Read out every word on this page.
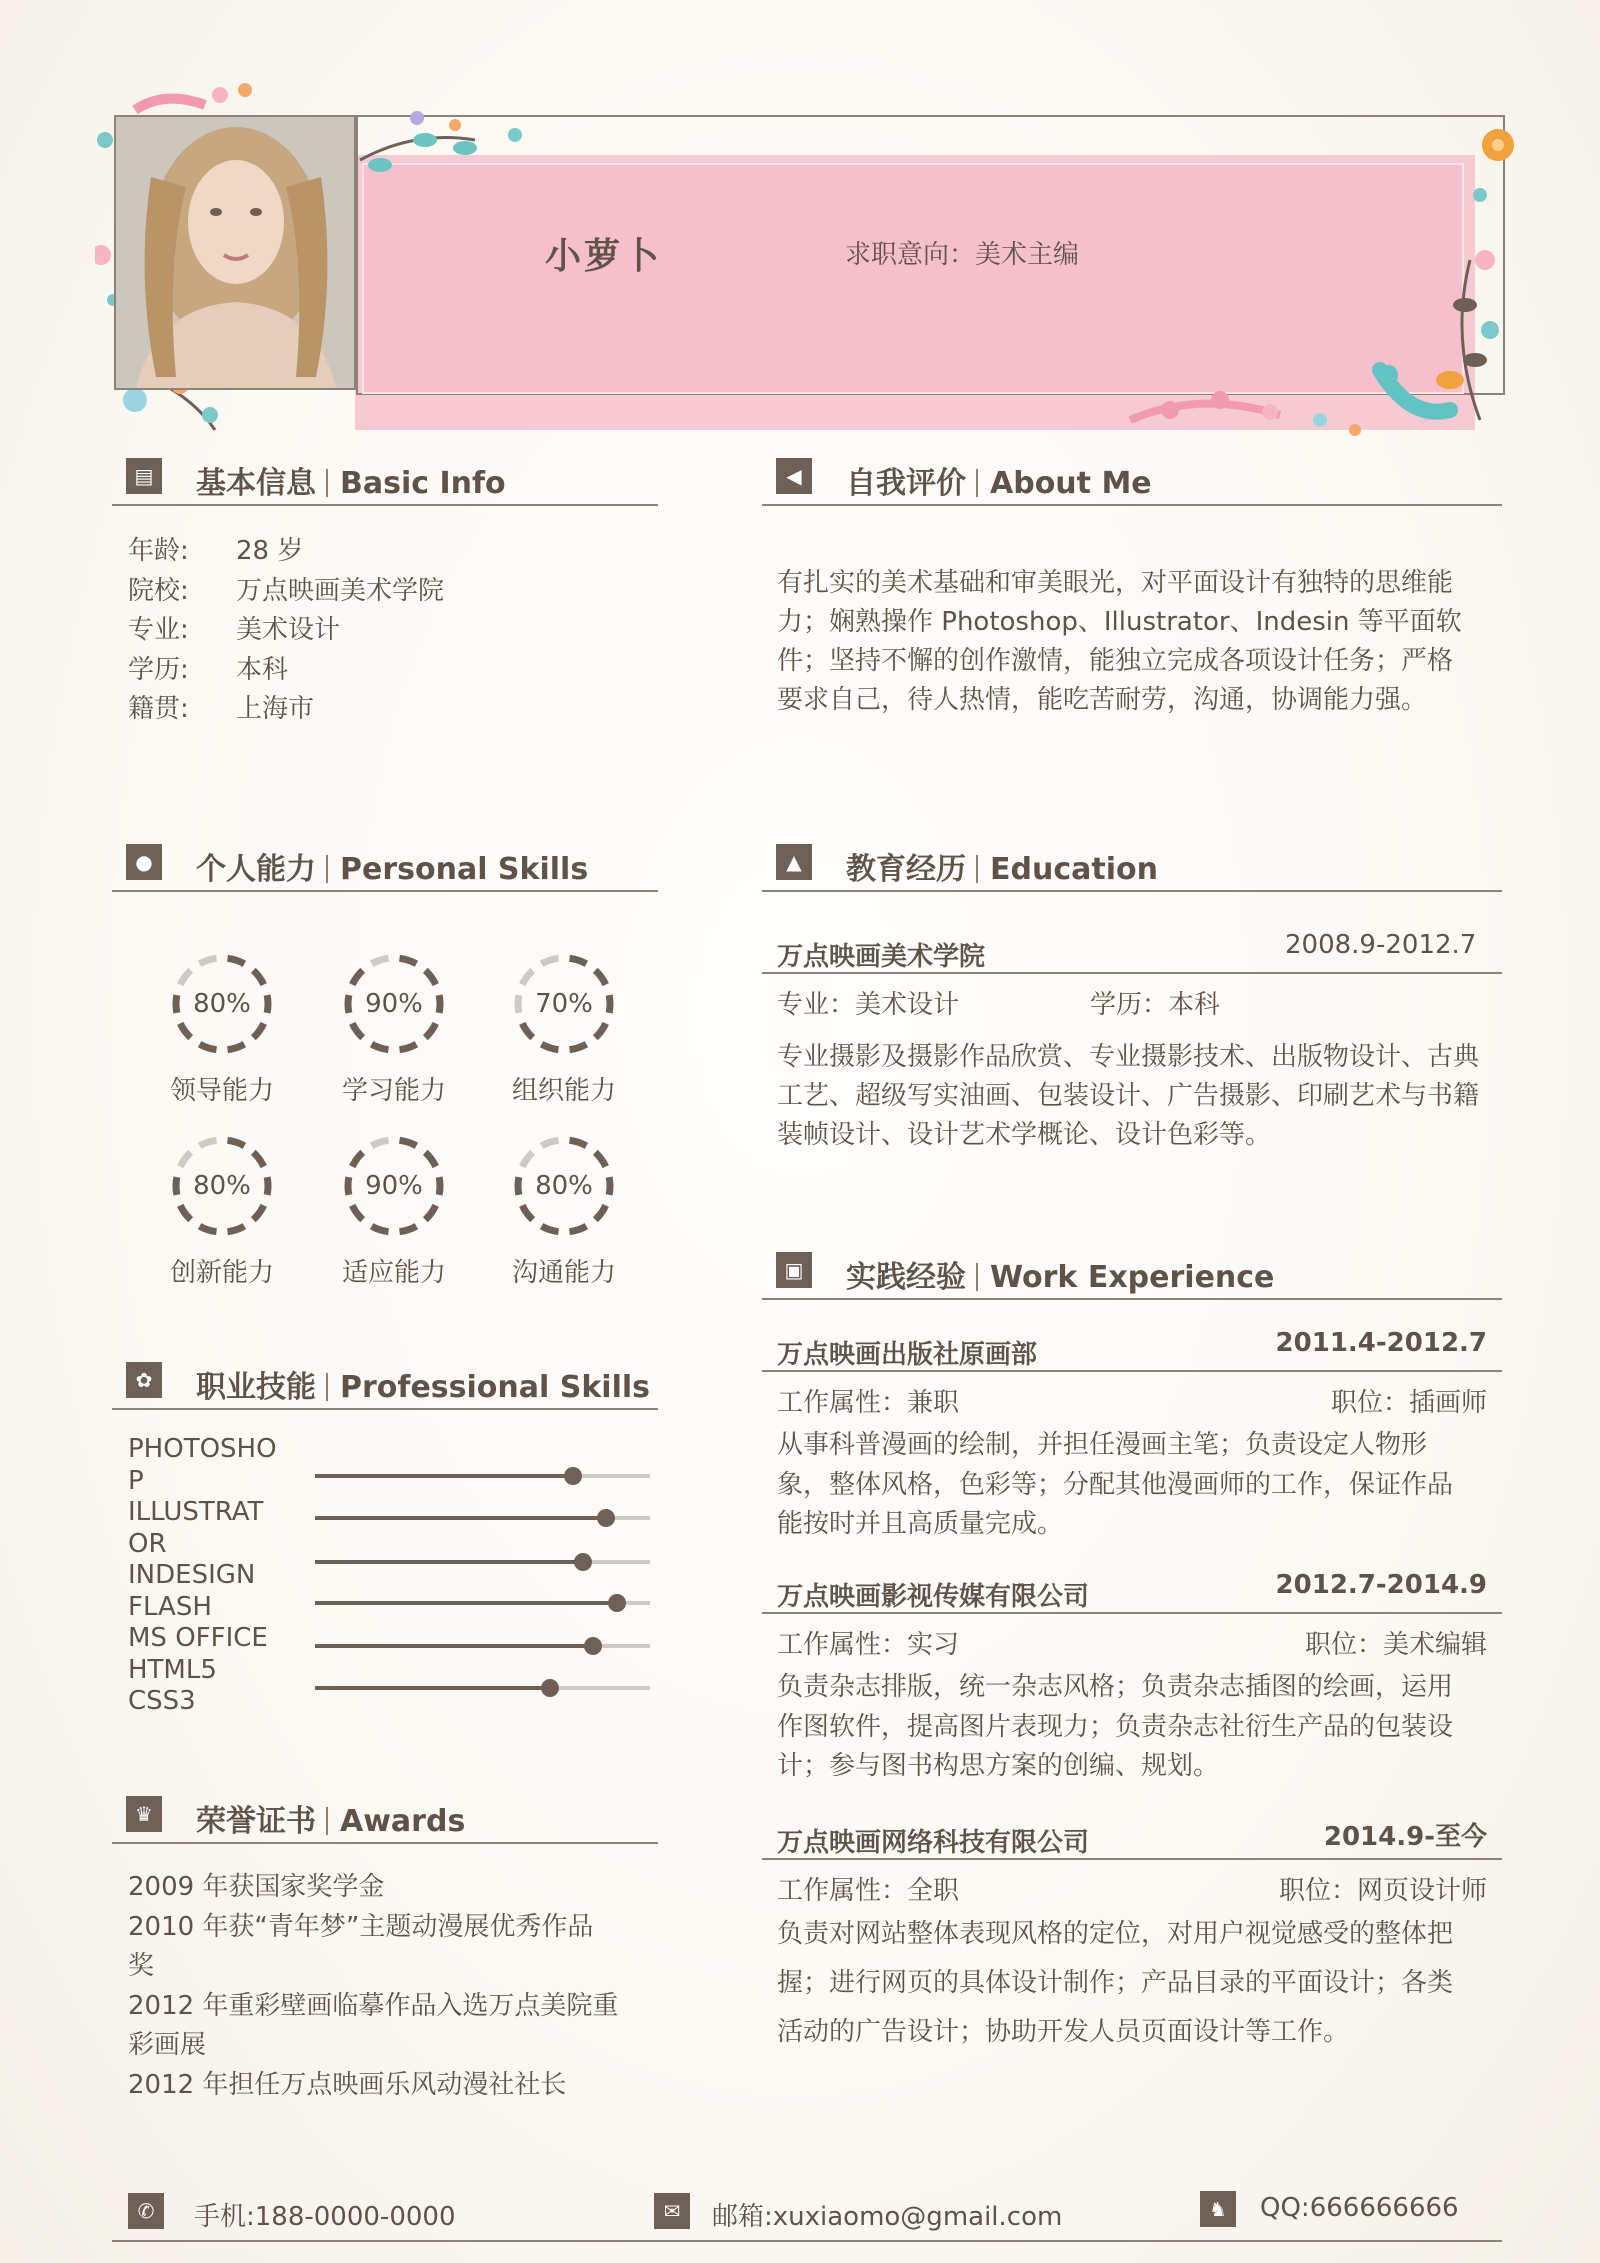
小萝卜	求职意向：美术主编
▤ 基本信息 Basic Info
年龄: 28 岁
院校: 万点映画美术学院
专业: 美术设计
学历: 本科
籍贯: 上海市
◀	自我评价 About Me
有扎实的美术基础和审美眼光，对平面设计有独特的思维能
力；娴熟操作 Photoshop、Illustrator、Indesin 等平面软
件；坚持不懈的创作激情，能独立完成各项设计任务；严格
要求自己，待人热情，能吃苦耐劳，沟通，协调能力强。
●	个人能力 Personal Skills
80%
领导能力
90%
学习能力
70%
组织能力
80%
创新能力
90%
适应能力
80%
沟通能力
✿	职业技能 Professional Skills
PHOTOSHO
P
ILLUSTRAT
OR
INDESIGN
FLASH
MS OFFICE
HTML5
CSS3
♛	荣誉证书 Awards
2009 年获国家奖学金
2010 年获“青年梦”主题动漫展优秀作品
奖
2012 年重彩壁画临摹作品入选万点美院重
彩画展
2012 年担任万点映画乐风动漫社社长
▲	教育经历 Education
万点映画美术学院	2008.9-2012.7
专业：美术设计	学历：本科
专业摄影及摄影作品欣赏、专业摄影技术、出版物设计、古典
工艺、超级写实油画、包装设计、广告摄影、印刷艺术与书籍
装帧设计、设计艺术学概论、设计色彩等。
▣ 实践经验 Work Experience
万点映画出版社原画部	2011.4-2012.7
工作属性：兼职	职位：插画师
从事科普漫画的绘制，并担任漫画主笔；负责设定人物形
象，整体风格，色彩等；分配其他漫画师的工作，保证作品
能按时并且高质量完成。
万点映画影视传媒有限公司	2012.7-2014.9
工作属性：实习	职位：美术编辑
负责杂志排版，统一杂志风格；负责杂志插图的绘画，运用
作图软件，提高图片表现力；负责杂志社衍生产品的包装设
计；参与图书构思方案的创编、规划。
万点映画网络科技有限公司	2014.9-至今
工作属性：全职	职位：网页设计师
负责对网站整体表现风格的定位，对用户视觉感受的整体把
握；进行网页的具体设计制作；产品目录的平面设计；各类
活动的广告设计；协助开发人员页面设计等工作。
✆	手机:188-0000-0000	✉	邮箱:xuxiaomo@gmail.com	♞	QQ:666666666
